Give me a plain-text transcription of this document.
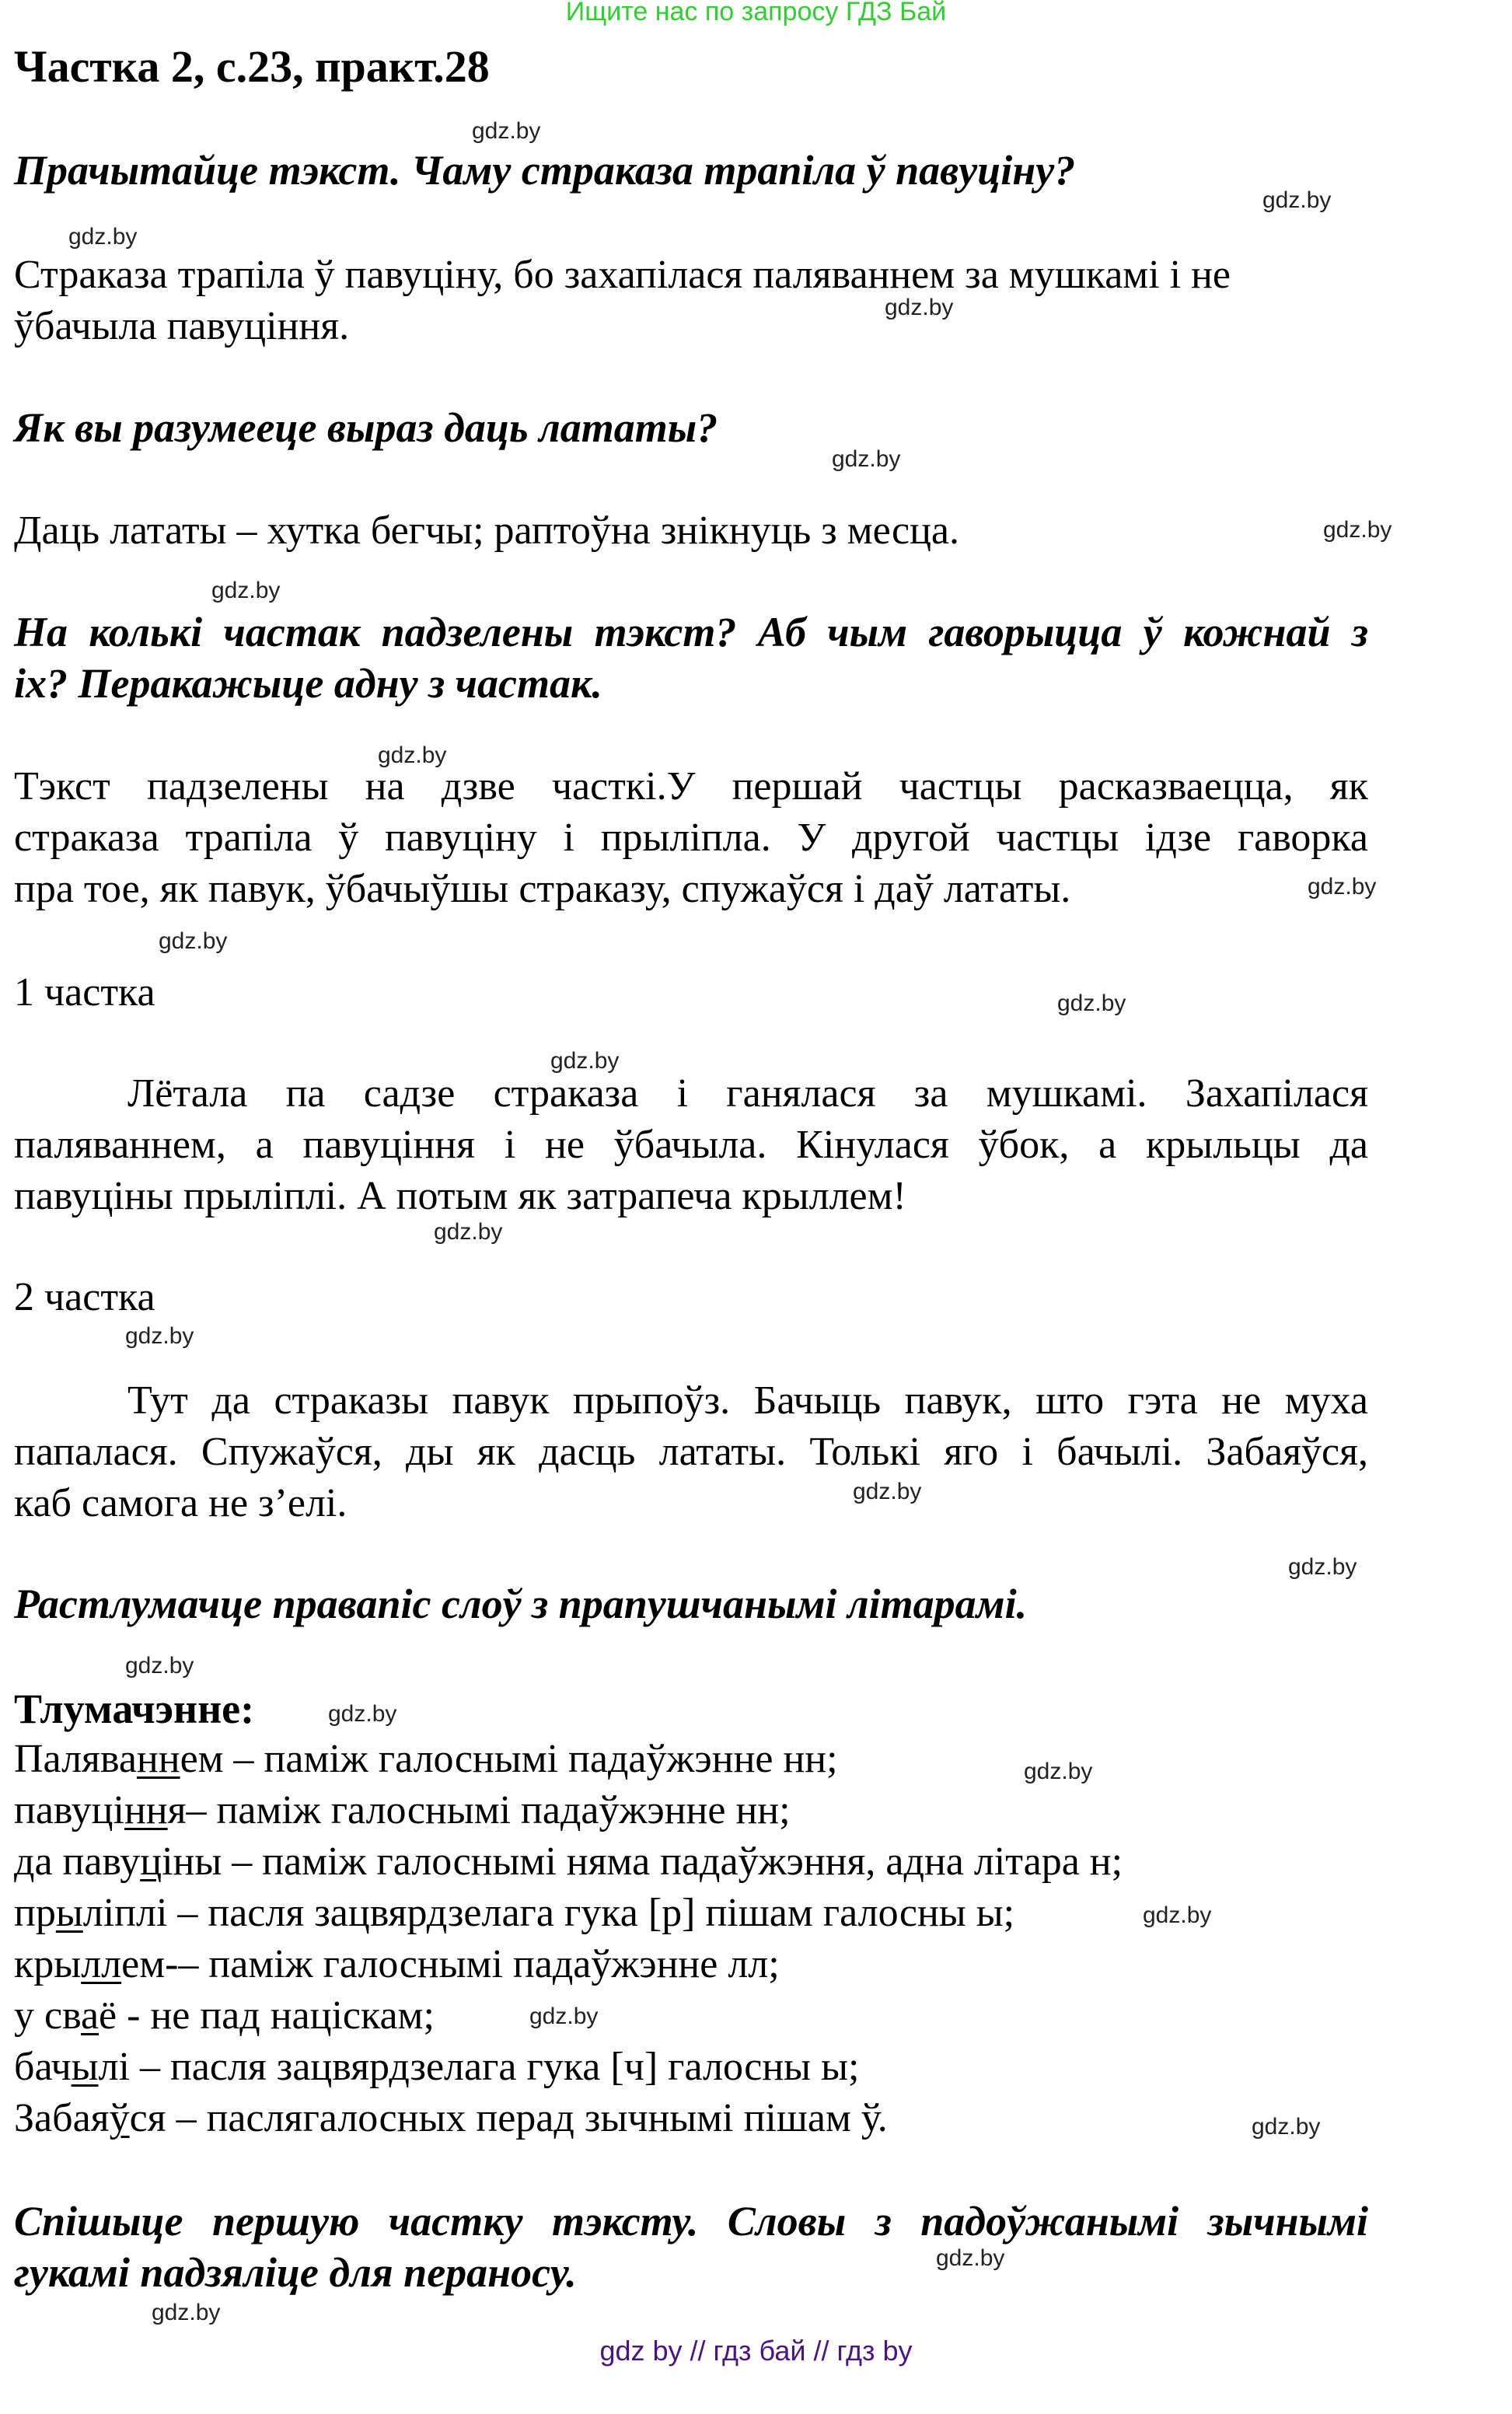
Ищите нас по запросу ГДЗ Бай
Частка 2, с.23, практ.28
gdz.by
gdz.by
gdz.by
gdz.by
gdz.by
gdz.by
gdz.by
gdz.by
gdz.by
gdz.by
gdz.by
gdz.by
gdz.by
gdz.by
gdz.by
gdz.by
gdz.by
gdz.by
gdz.by
gdz.by
gdz.by
gdz.by
gdz.by
gdz.by
Прачытайце тэкст. Чаму страказа трапіла ў павуціну?
Страказа трапіла ў павуціну, бо захапілася паляваннем за мушкамі і не
ўбачыла павуціння.
Як вы разумееце выраз даць лататы?
Даць лататы – хутка бегчы; раптоўна знікнуць з месца.
На колькі частак падзелены тэкст? Аб чым гаворыцца ў кожнай з
іх? Перакажыце адну з частак.
Тэкст падзелены на дзве часткі.У першай частцы расказваецца, як
страказа трапіла ў павуціну і прыліпла. У другой частцы ідзе гаворка
пра тое, як павук, ўбачыўшы страказу, спужаўся і даў лататы.
1 частка
Лётала па садзе страказа і ганялася за мушкамі. Захапілася
паляваннем, а павуціння і не ўбачыла. Кінулася ўбок, а крыльцы да
павуціны прыліплі. А потым як затрапеча крыллем!
2 частка
Тут да страказы павук прыпоўз. Бачыць павук, што гэта не муха
папалася. Спужаўся, ды як дасць лататы. Толькі яго і бачылі. Забаяўся,
каб самога не з’елі.
Растлумачце правапіс слоў з прапушчанымі літарамі.
Тлумачэнне:
Паляваннем – паміж галоснымі падаўжэнне нн;
павуціння– паміж галоснымі падаўжэнне нн;
да павуціны – паміж галоснымі няма падаўжэння, адна літара н;
прыліплі – пасля зацвярдзелага гука [р] пішам галосны ы;
крыллем-– паміж галоснымі падаўжэнне лл;
у сваё - не пад націскам;
бачылі – пасля зацвярдзелага гука [ч] галосны ы;
Забаяўся – паслягалосных перад зычнымі пішам ў.
Спішыце першую частку тэксту. Словы з падоўжанымі зычнымі
гукамі падзяліце для пераносу.
gdz by // гдз бай // гдз by
